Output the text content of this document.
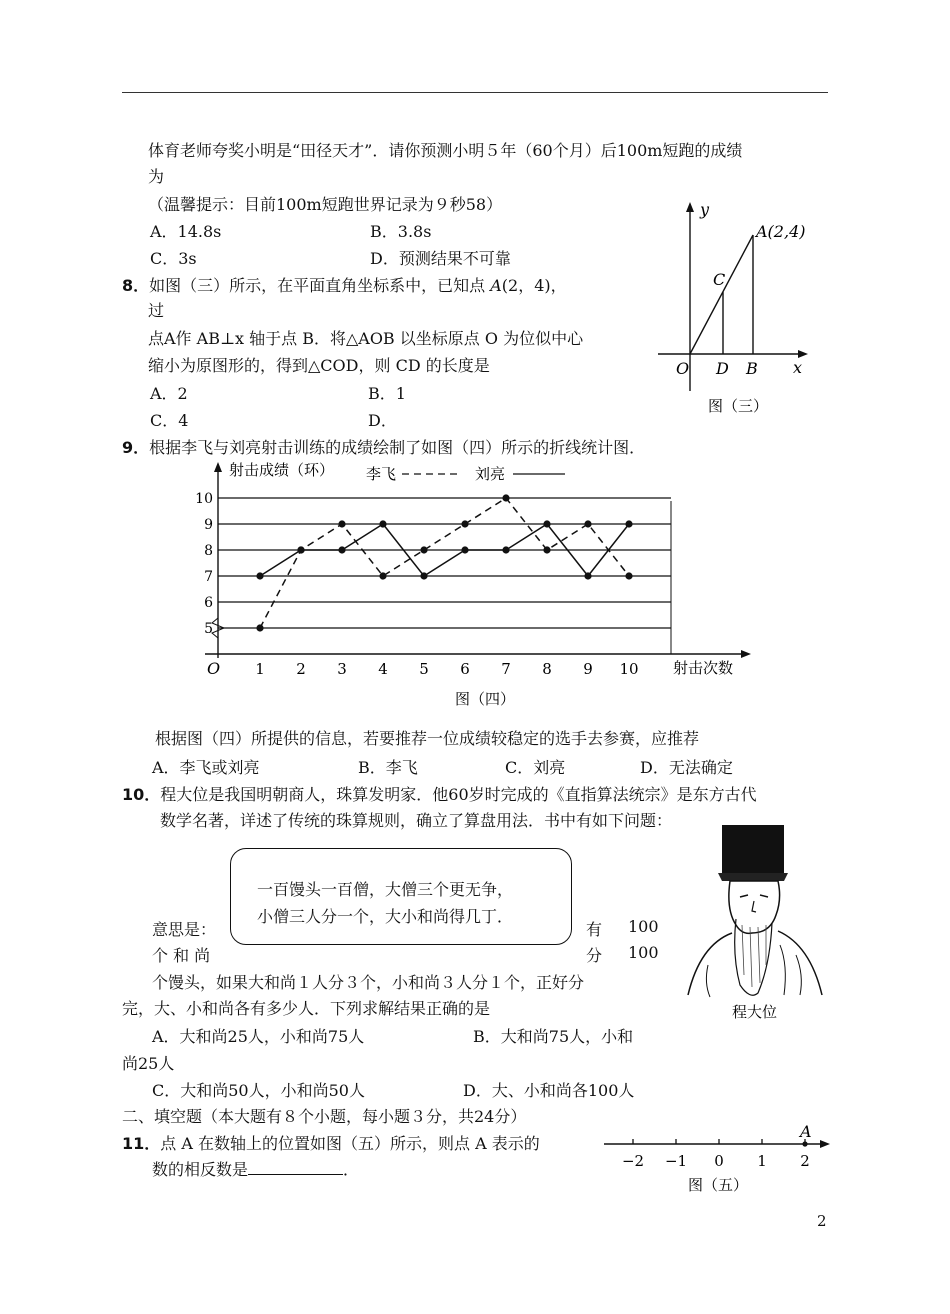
体育老师夸奖小明是“田径天才”．请你预测小明５年（60个月）后100m短跑的成绩
为
（温馨提示：目前100m短跑世界记录为９秒58）
A．14.8s	B．3.8s
C．3s	D．预测结果不可靠
8．如图（三）所示，在平面直角坐标系中，已知点 A(2，4)，
过
点A作 AB⊥x 轴于点 B．将△AOB 以坐标原点 O 为位似中心
缩小为原图形的，得到△COD，则 CD 的长度是
A．2	B．1
C．4	D．
y
x
O D B
C
A(2,4)
图（三）
9．根据李飞与刘亮射击训练的成绩绘制了如图（四）所示的折线统计图．
5
6
7
8
9
10
1 2 3 4 5 6 7 8 9 10
射击成绩（环）
射击次数
O
李飞	刘亮
图（四）
根据图（四）所提供的信息，若要推荐一位成绩较稳定的选手去参赛，应推荐
A．李飞或刘亮	B．李飞	C．刘亮	D．无法确定
10．程大位是我国明朝商人，珠算发明家．他60岁时完成的《直指算法统宗》是东方古代
数学名著，详述了传统的珠算规则，确立了算盘用法．书中有如下问题：
一百馒头一百僧，大僧三个更无争，
小僧三人分一个，大小和尚得几丁．
意思是：	有 100
个 和 尚	分 100
个馒头，如果大和尚１人分３个，小和尚３人分１个，正好分
完，大、小和尚各有多少人．下列求解结果正确的是
A．大和尚25人，小和尚75人	B．大和尚75人，小和
尚25人
C．大和尚50人，小和尚50人	D．大、小和尚各100人
程大位
二、填空题（本大题有８个小题，每小题３分，共24分）
11．点 A 在数轴上的位置如图（五）所示，则点 A 表示的
数的相反数是	．	−2 −1 0 1 2
A
图（五）
2
